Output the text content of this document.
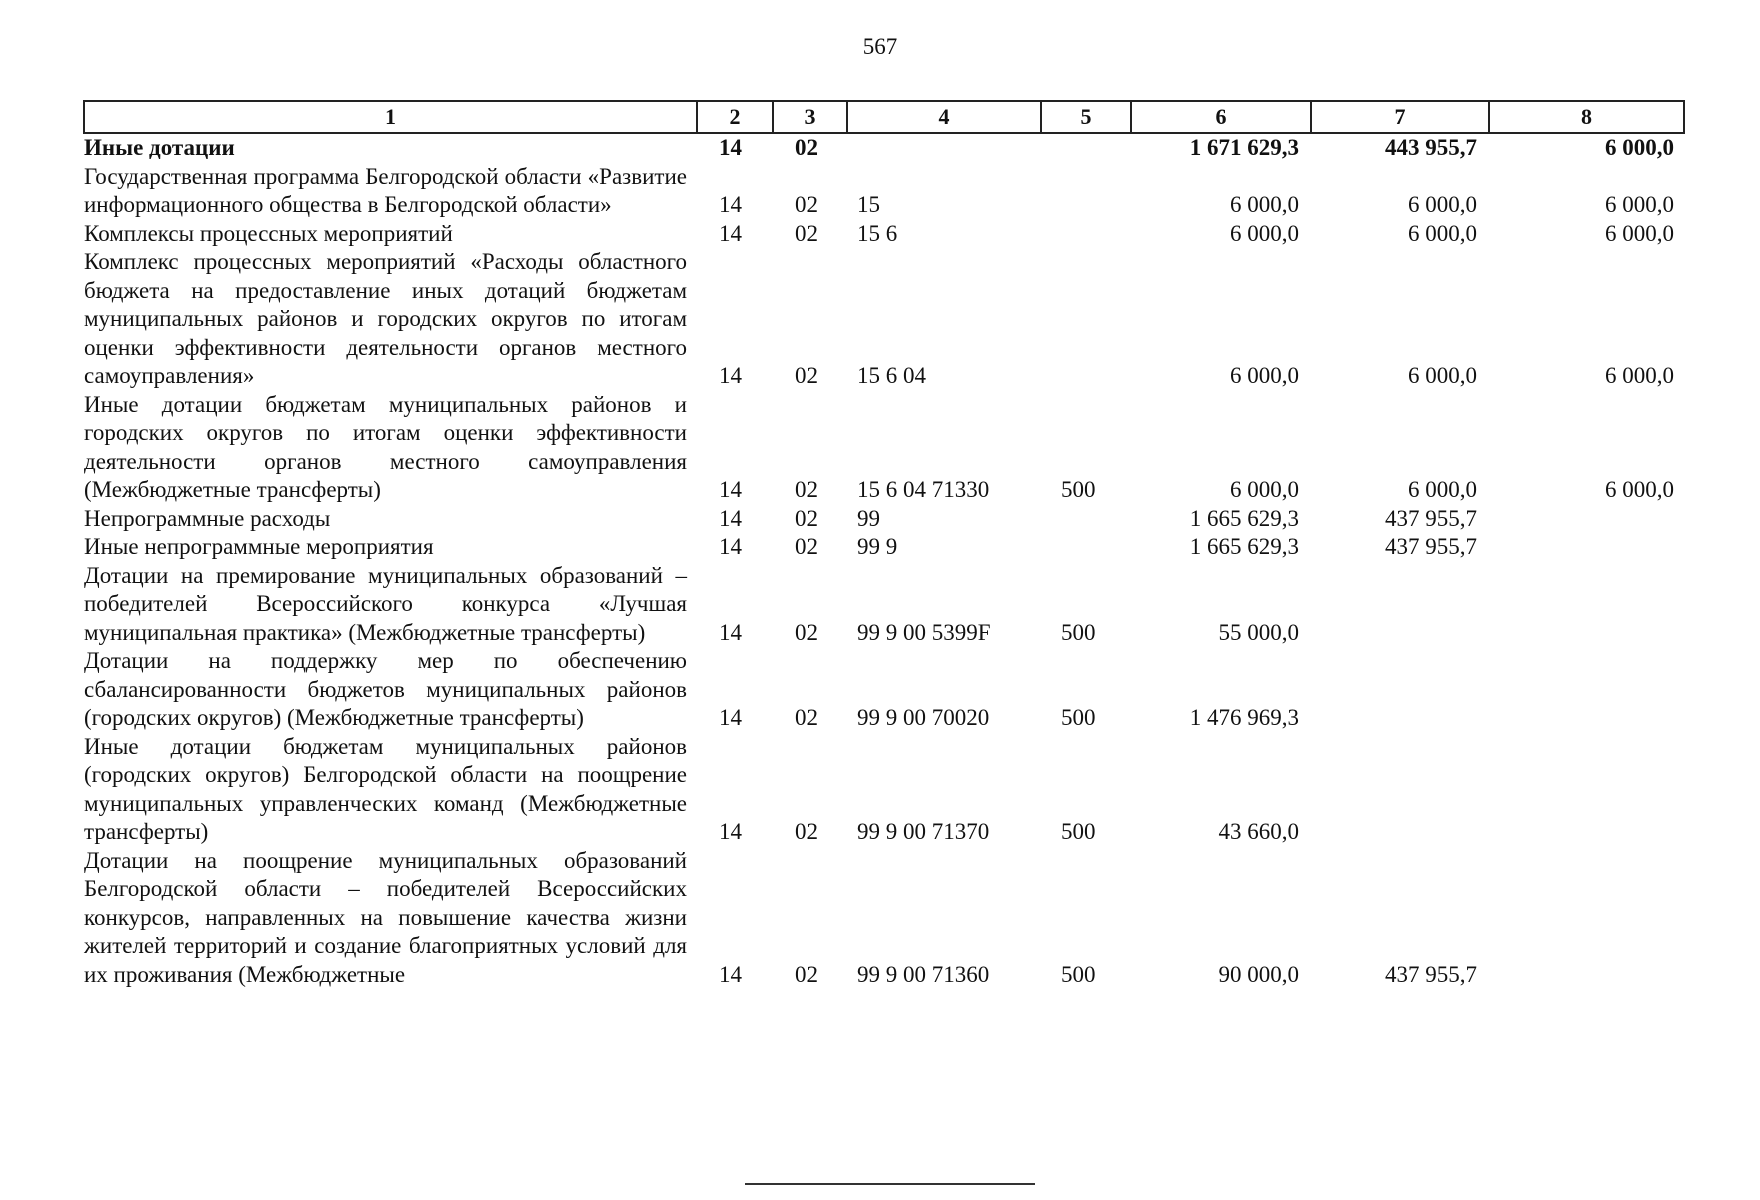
567
1	2	3	4	5	6	7	8
Иные дотации	14	02			1 671 629,3	443 955,7	6 000,0
Государственная программа Белгородской области «Развитие информационного общества в Белгородской области»	14	02	15		6 000,0	6 000,0	6 000,0
Комплексы процессных мероприятий	14	02	15 6		6 000,0	6 000,0	6 000,0
Комплекс процессных мероприятий «Расходы областного бюджета на предоставление иных дотаций бюджетам муниципальных районов и городских округов по итогам оценки эффективности деятельности органов местного самоуправления»	14	02	15 6 04		6 000,0	6 000,0	6 000,0
Иные дотации бюджетам муниципальных районов и городских округов по итогам оценки эффективности деятельности органов местного самоуправления (Межбюджетные трансферты)	14	02	15 6 04 71330	500	6 000,0	6 000,0	6 000,0
Непрограммные расходы	14	02	99		1 665 629,3	437 955,7	
Иные непрограммные мероприятия	14	02	99 9		1 665 629,3	437 955,7	
Дотации на премирование муниципальных образований – победителей Всероссийского конкурса «Лучшая муниципальная практика» (Межбюджетные трансферты)	14	02	99 9 00 5399F	500	55 000,0		
Дотации на поддержку мер по обеспечению сбалансированности бюджетов муниципальных районов (городских округов) (Межбюджетные трансферты)	14	02	99 9 00 70020	500	1 476 969,3		
Иные дотации бюджетам муниципальных районов (городских округов) Белгородской области на поощрение муниципальных управленческих команд (Межбюджетные трансферты)	14	02	99 9 00 71370	500	43 660,0		
Дотации на поощрение муниципальных образований Белгородской области – победителей Всероссийских конкурсов, направленных на повышение качества жизни жителей территорий и создание благоприятных условий для их проживания (Межбюджетные	14	02	99 9 00 71360	500	90 000,0	437 955,7	
